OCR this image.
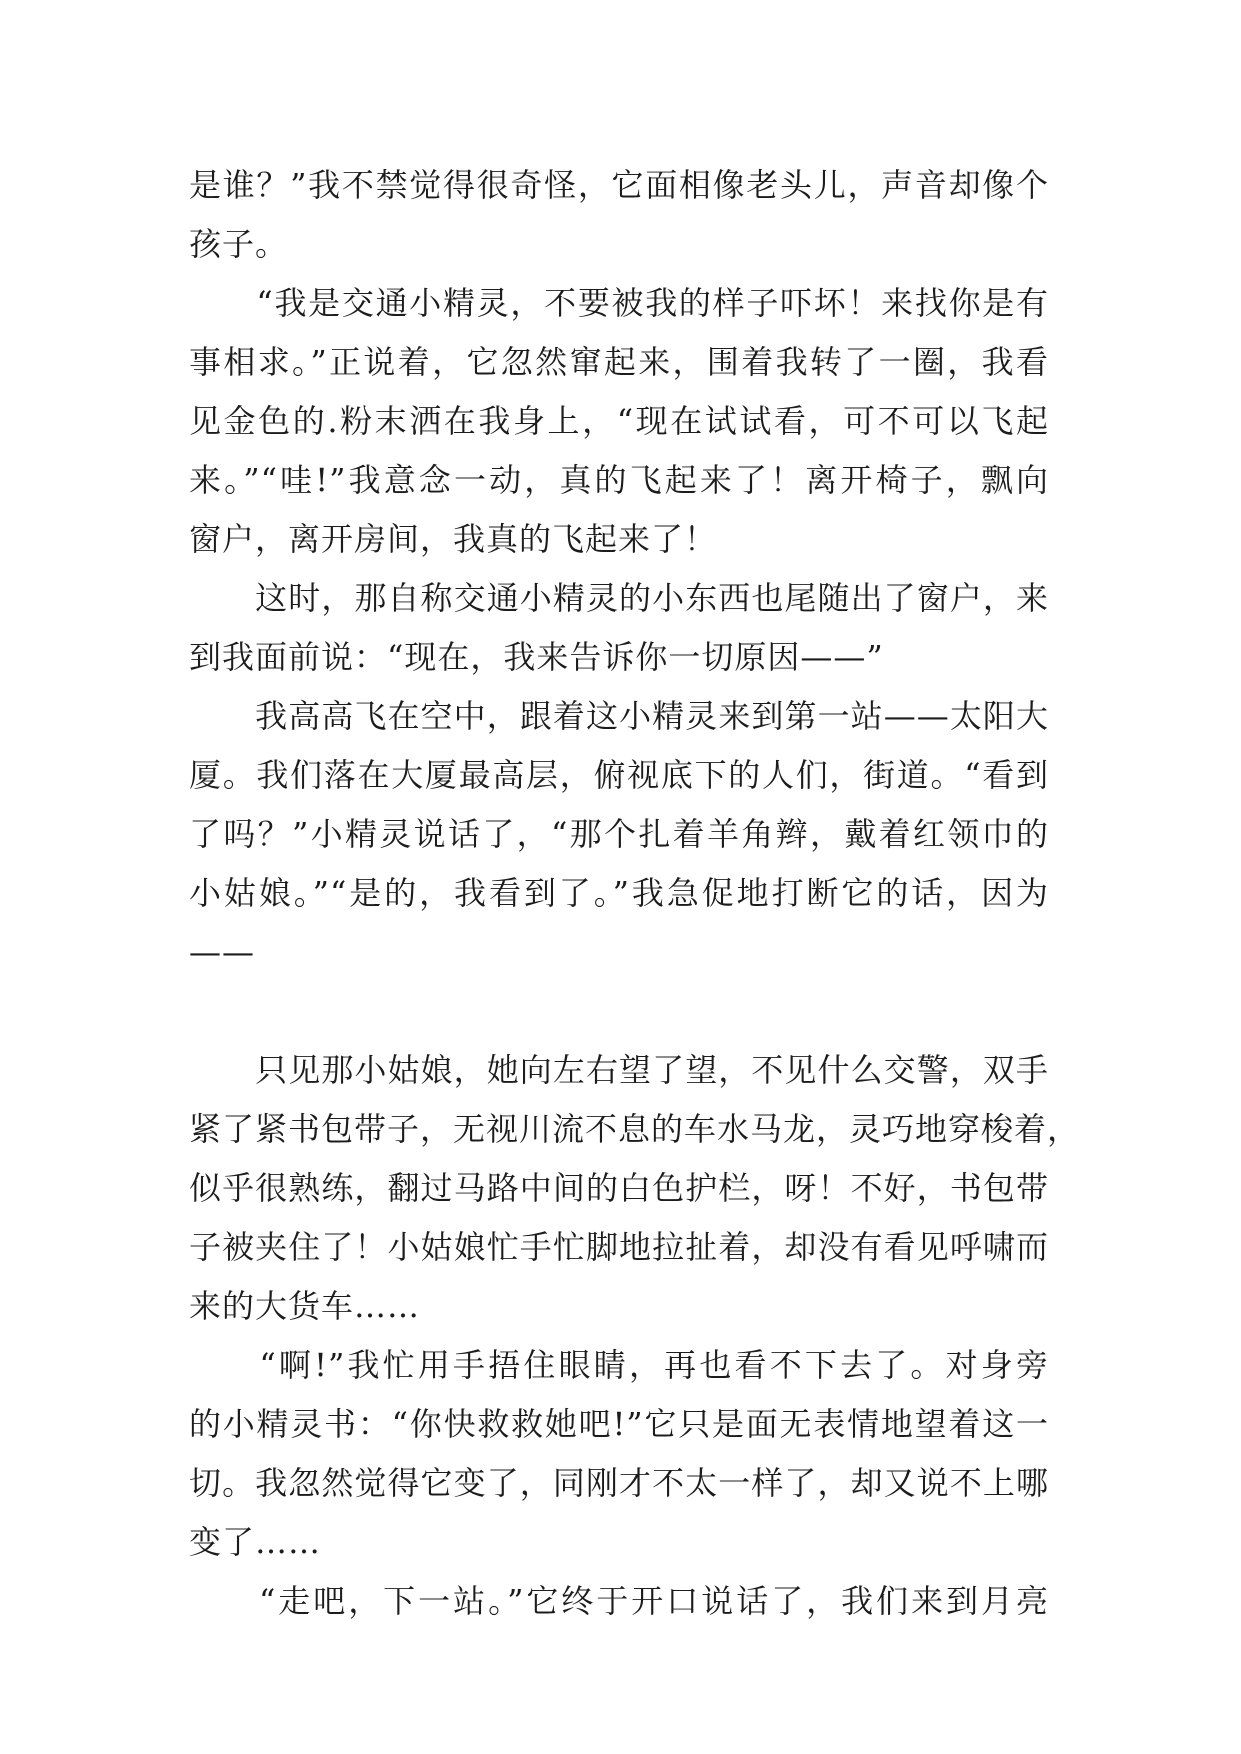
是谁？”我不禁觉得很奇怪，它面相像老头儿，声音却像个
孩子。
　　“我是交通小精灵，不要被我的样子吓坏！来找你是有
事相求。”正说着，它忽然窜起来，围着我转了一圈，我看
见金色的.粉末洒在我身上，“现在试试看，可不可以飞起
来。”“哇!”我意念一动，真的飞起来了！离开椅子，飘向
窗户，离开房间，我真的飞起来了！
　　这时，那自称交通小精灵的小东西也尾随出了窗户，来
到我面前说：“现在，我来告诉你一切原因——”
　　我高高飞在空中，跟着这小精灵来到第一站——太阳大
厦。我们落在大厦最高层，俯视底下的人们，街道。“看到
了吗？”小精灵说话了，“那个扎着羊角辫，戴着红领巾的
小姑娘。”“是的，我看到了。”我急促地打断它的话，因为
——
　　只见那小姑娘，她向左右望了望，不见什么交警，双手
紧了紧书包带子，无视川流不息的车水马龙，灵巧地穿梭着，
似乎很熟练，翻过马路中间的白色护栏，呀！不好，书包带
子被夹住了！小姑娘忙手忙脚地拉扯着，却没有看见呼啸而
来的大货车……
　　“啊!”我忙用手捂住眼睛，再也看不下去了。对身旁
的小精灵书：“你快救救她吧!”它只是面无表情地望着这一
切。我忽然觉得它变了，同刚才不太一样了，却又说不上哪
变了……
　　“走吧，下一站。”它终于开口说话了，我们来到月亮
